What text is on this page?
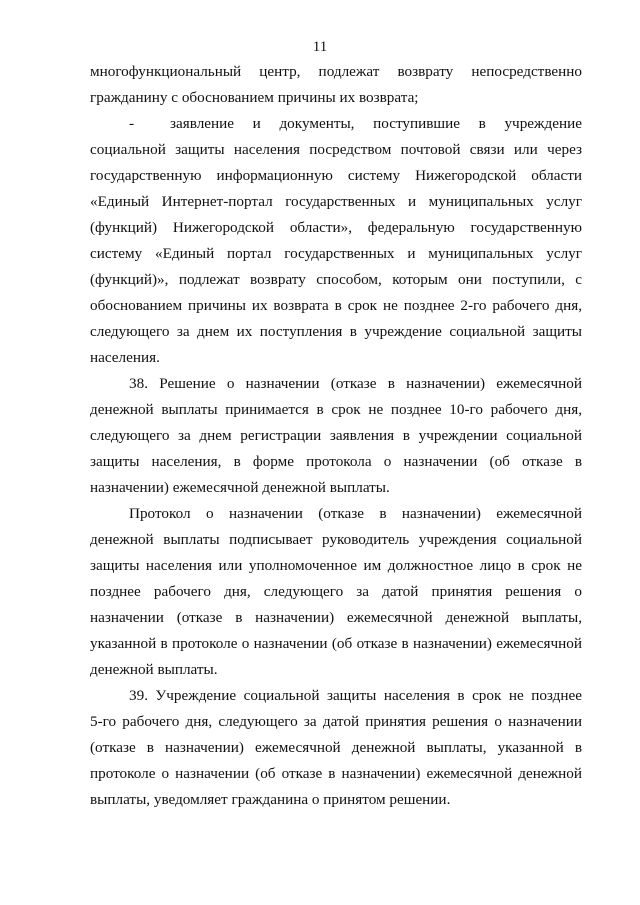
11
многофункциональный центр, подлежат возврату непосредственно
гражданину с обоснованием причины их возврата;
- заявление и документы, поступившие в учреждение
социальной защиты населения посредством почтовой связи или через
государственную информационную систему Нижегородской области
«Единый Интернет-портал государственных и муниципальных услуг
(функций) Нижегородской области», федеральную государственную
систему «Единый портал государственных и муниципальных услуг
(функций)», подлежат возврату способом, которым они поступили, с
обоснованием причины их возврата в срок не позднее 2-го рабочего дня,
следующего за днем их поступления в учреждение социальной защиты
населения.
38. Решение о назначении (отказе в назначении) ежемесячной
денежной выплаты принимается в срок не позднее 10-го рабочего дня,
следующего за днем регистрации заявления в учреждении социальной
защиты населения, в форме протокола о назначении (об отказе в
назначении) ежемесячной денежной выплаты.
Протокол о назначении (отказе в назначении) ежемесячной
денежной выплаты подписывает руководитель учреждения социальной
защиты населения или уполномоченное им должностное лицо в срок не
позднее рабочего дня, следующего за датой принятия решения о
назначении (отказе в назначении) ежемесячной денежной выплаты,
указанной в протоколе о назначении (об отказе в назначении) ежемесячной
денежной выплаты.
39. Учреждение социальной защиты населения в срок не позднее
5-го рабочего дня, следующего за датой принятия решения о назначении
(отказе в назначении) ежемесячной денежной выплаты, указанной в
протоколе о назначении (об отказе в назначении) ежемесячной денежной
выплаты, уведомляет гражданина о принятом решении.
